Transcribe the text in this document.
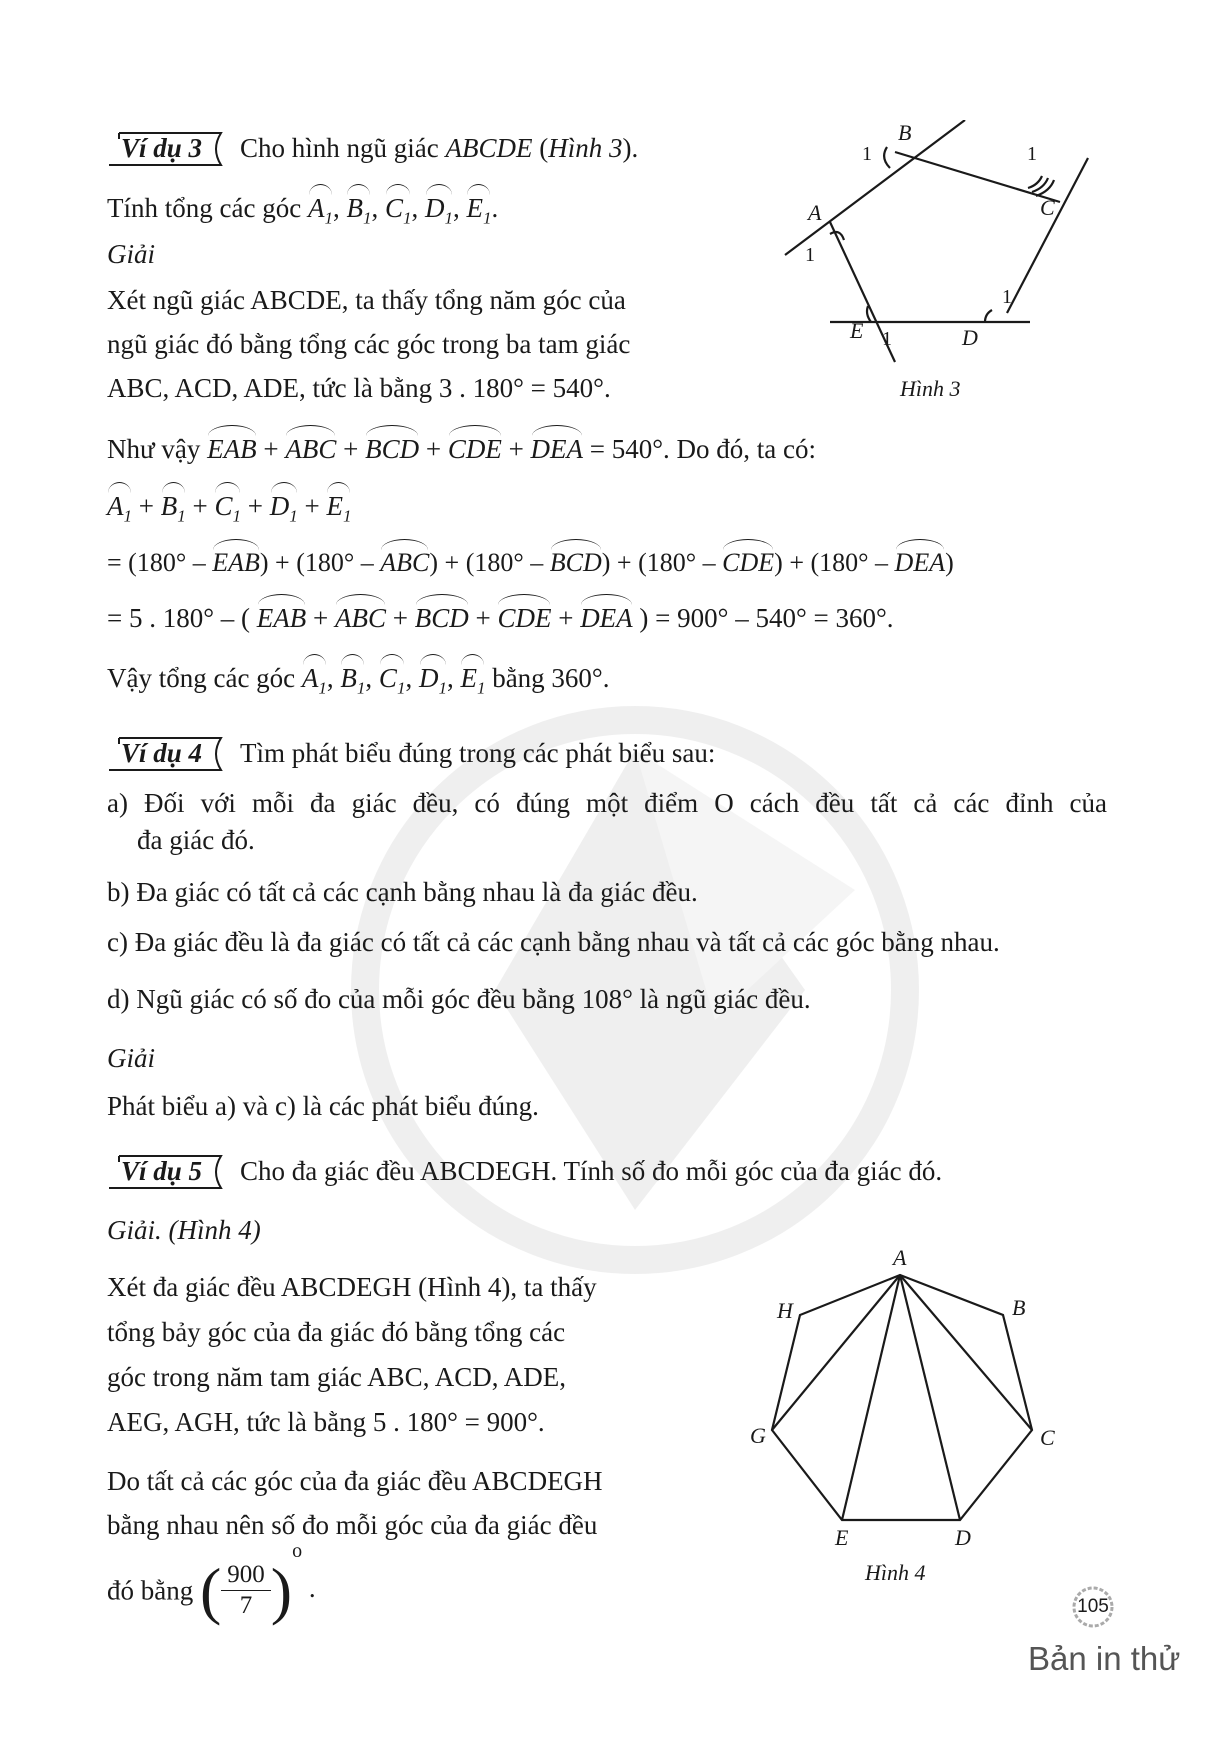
Ví dụ 3 Cho hình ngũ giác ABCDE (Hình 3).
Tính tổng các góc $A_1$, $B_1$, $C_1$, $D_1$, $E_1$.
Giải
Xét ngũ giác ABCDE, ta thấy tổng năm góc của
ngũ giác đó bằng tổng các góc trong ba tam giác
ABC, ACD, ADE, tức là bằng 3 . 180° = 540°.
B
A	C
D
E
1
1
1
1
1
Hình 3
Như vậy EAB + ABC + BCD + CDE + DEA = 540°. Do đó, ta có:
$A_1 + B_1 + C_1 + D_1 + E_1$
= (180° – EAB) + (180° – ABC) + (180° – BCD) + (180° – CDE) + (180° – DEA)
= 5 . 180° – ( EAB + ABC + BCD + CDE + DEA ) = 900° – 540° = 360°.
Vậy tổng các góc $A_1$, $B_1$, $C_1$, $D_1$, $E_1$ bằng 360°.
Ví dụ 4 Tìm phát biểu đúng trong các phát biểu sau:
a) Đối với mỗi đa giác đều, có đúng một điểm O cách đều tất cả các đỉnh của
đa giác đó.
b) Đa giác có tất cả các cạnh bằng nhau là đa giác đều.
c) Đa giác đều là đa giác có tất cả các cạnh bằng nhau và tất cả các góc bằng nhau.
d) Ngũ giác có số đo của mỗi góc đều bằng 108° là ngũ giác đều.
Giải
Phát biểu a) và c) là các phát biểu đúng.
Ví dụ 5 Cho đa giác đều ABCDEGH. Tính số đo mỗi góc của đa giác đó.
Giải. (Hình 4)
Xét đa giác đều ABCDEGH (Hình 4), ta thấy
tổng bảy góc của đa giác đó bằng tổng các
góc trong năm tam giác ABC, ACD, ADE,
AEG, AGH, tức là bằng 5 . 180° = 900°.
Do tất cả các góc của đa giác đều ABCDEGH
bằng nhau nên số đo mỗi góc của đa giác đều
đó bằng ( $\frac{900}{7} )^o$ .
A
B
C
D
E
G
H
Hình 4
105
Bản in thử
